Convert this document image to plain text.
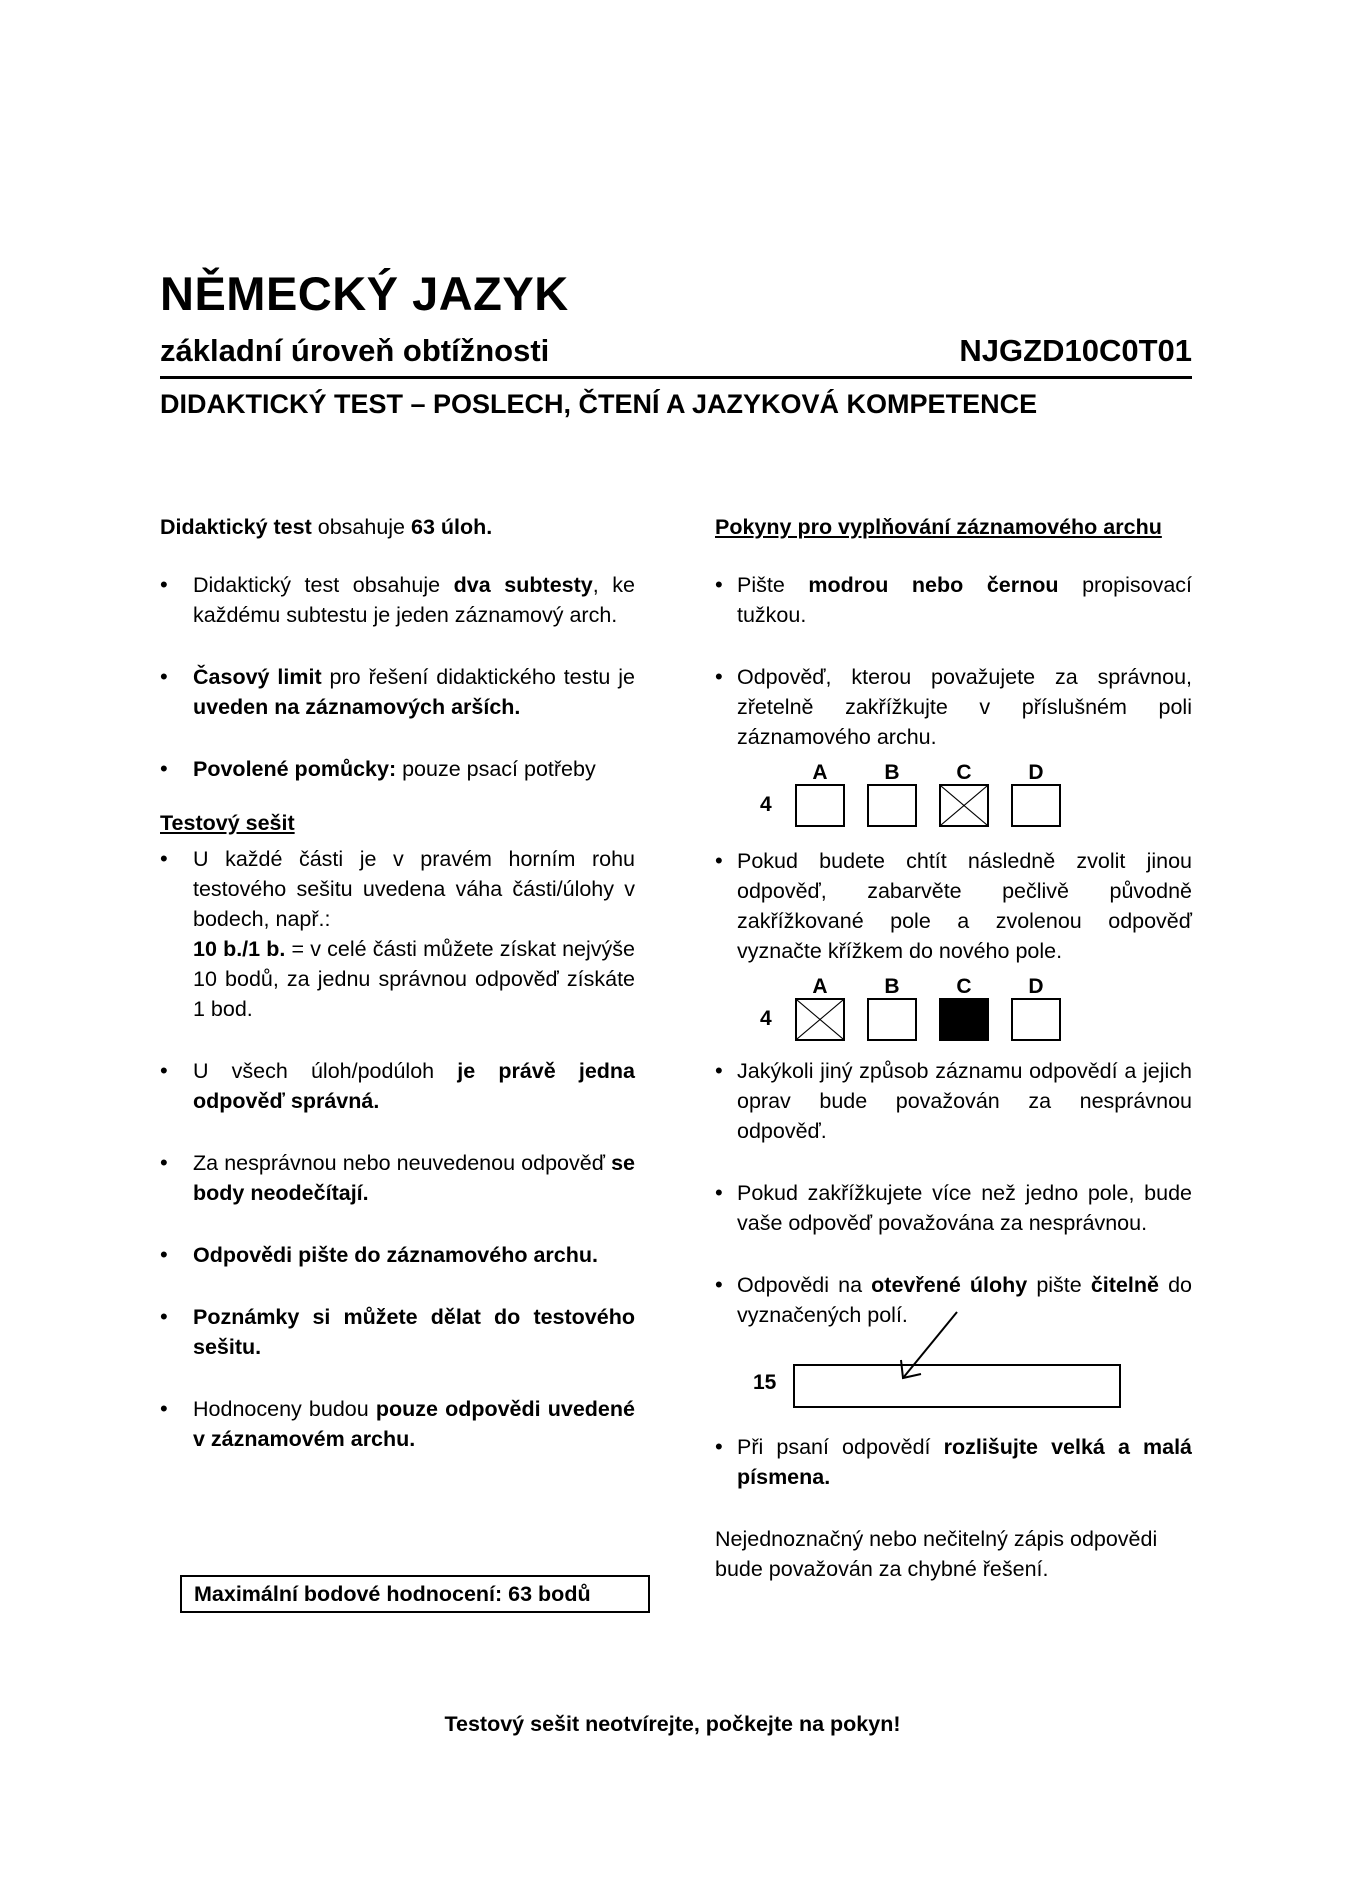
NĚMECKÝ JAZYK
základní úroveň obtížnosti	NJGZD10C0T01
DIDAKTICKÝ TEST – POSLECH, ČTENÍ A JAZYKOVÁ KOMPETENCE

Didaktický test obsahuje 63 úloh.

• Didaktický test obsahuje dva subtesty, ke každému subtestu je jeden záznamový arch.
• Časový limit pro řešení didaktického testu je uveden na záznamových arších.
• Povolené pomůcky: pouze psací potřeby

Testový sešit

• U každé části je v pravém horním rohu testového sešitu uvedena váha části/úlohy v bodech, např.:
10 b./1 b. = v celé části můžete získat nejvýše 10 bodů, za jednu správnou odpověď získáte 1 bod.
• U všech úloh/podúloh je právě jedna odpověď správná.
• Za nesprávnou nebo neuvedenou odpověď se body neodečítají.
• Odpovědi pište do záznamového archu.
• Poznámky si můžete dělat do testového sešitu.
• Hodnoceny budou pouze odpovědi uvedené v záznamovém archu.
Maximální bodové hodnocení: 63 bodů

Pokyny pro vyplňování záznamového archu

• Pište modrou nebo černou propisovací tužkou.
• Odpověď, kterou považujete za správnou, zřetelně zakřížkujte v příslušném poli záznamového archu.
4
A	B	C	D
• Pokud budete chtít následně zvolit jinou odpověď, zabarvěte pečlivě původně zakřížkované pole a zvolenou odpověď vyznačte křížkem do nového pole.
4
A	B	C	D
• Jakýkoli jiný způsob záznamu odpovědí a jejich oprav bude považován za nesprávnou odpověď.
• Pokud zakřížkujete více než jedno pole, bude vaše odpověď považována za nesprávnou.
• Odpovědi na otevřené úlohy pište čitelně do vyznačených polí.
15
• Při psaní odpovědí rozlišujte velká a malá písmena.

Nejednoznačný nebo nečitelný zápis odpovědi bude považován za chybné řešení.

Testový sešit neotvírejte, počkejte na pokyn!
